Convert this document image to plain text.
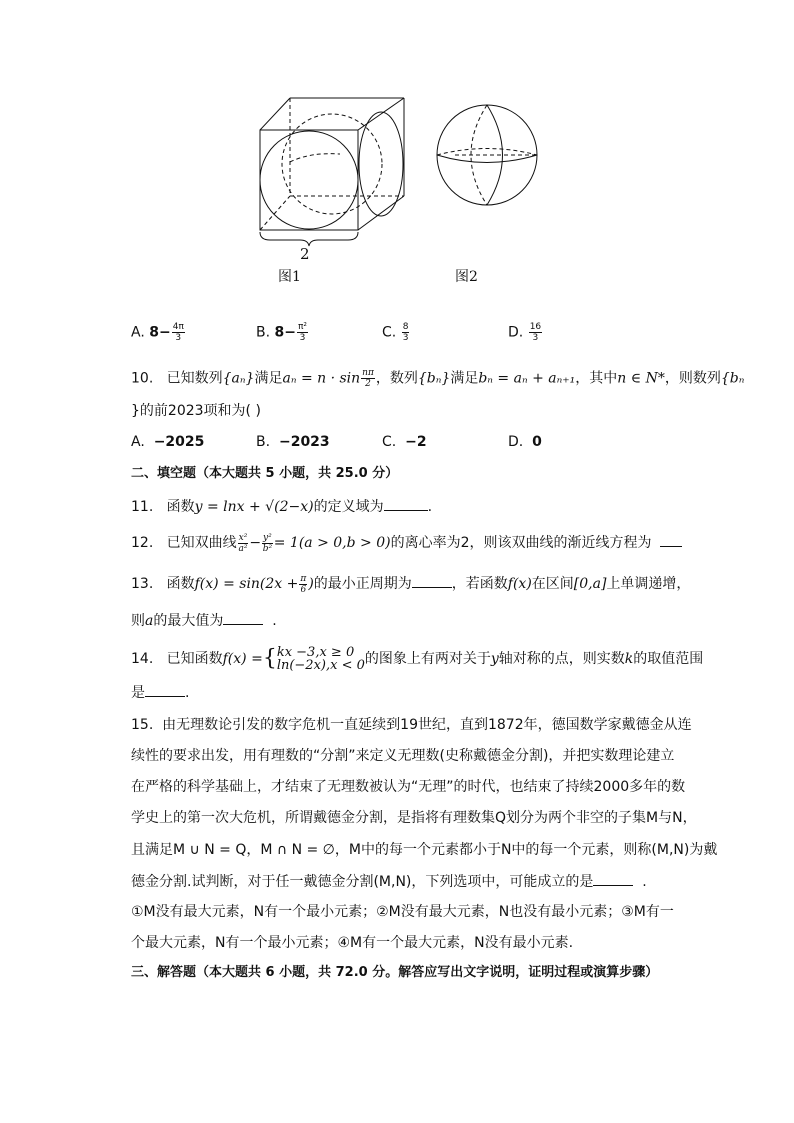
2
图1	图2
A. $8- \frac{4\pi}{3}$	B. $8- \frac{\text{π²}}{3}$	C. $\frac{8}{3}$	D. $\frac{16}{3}$
10. 已知数列{aₙ}满足$a_n = n \cdot \sin \frac{n\pi}{2}$ ，数列{bₙ}满足bₙ = aₙ + aₙ₊₁，其中n ∈ N*，则数列{bₙ
}的前2023项和为( )
A. −2025	B. −2023	C. −2	D. 0
二、填空题（本大题共 5 小题，共 25.0 分）
11. 函数y = lnx + √(2−x)的定义域为	.
12. 已知双曲线 $\frac{\text{x²}}{\text{a²}} - \frac{\text{y²}}{\text{b²}} = 1(a > 0,b > 0)$的离心率为2，则该双曲线的渐近线方程为
13. 函数$f(x) = \sin(2x + \frac{\pi}{6}$ )的最小正周期为	，若函数f(x)在区间[0,a]上单调递增，
则a的最大值为	.
14. 已知函数f(x) ={ kx −3,x ≥ 0
ln(−2x),x < 0 的图象上有两对关于y轴对称的点，则实数k的取值范围
是	.
15. 由无理数论引发的数字危机一直延续到19世纪，直到1872年，德国数学家戴德金从连
续性的要求出发，用有理数的“分割”来定义无理数(史称戴德金分割)，并把实数理论建立
在严格的科学基础上，才结束了无理数被认为“无理”的时代，也结束了持续2000多年的数
学史上的第一次大危机，所谓戴德金分割，是指将有理数集Q划分为两个非空的子集M与N，
且满足M ∪ N = Q，M ∩ N = ∅，M中的每一个元素都小于N中的每一个元素，则称(M,N)为戴
德金分割.试判断，对于任一戴德金分割(M,N)，下列选项中，可能成立的是	.
①M没有最大元素，N有一个最小元素；②M没有最大元素，N也没有最小元素；③M有一
个最大元素，N有一个最小元素；④M有一个最大元素，N没有最小元素.
三、解答题（本大题共 6 小题，共 72.0 分。解答应写出文字说明，证明过程或演算步骤）
